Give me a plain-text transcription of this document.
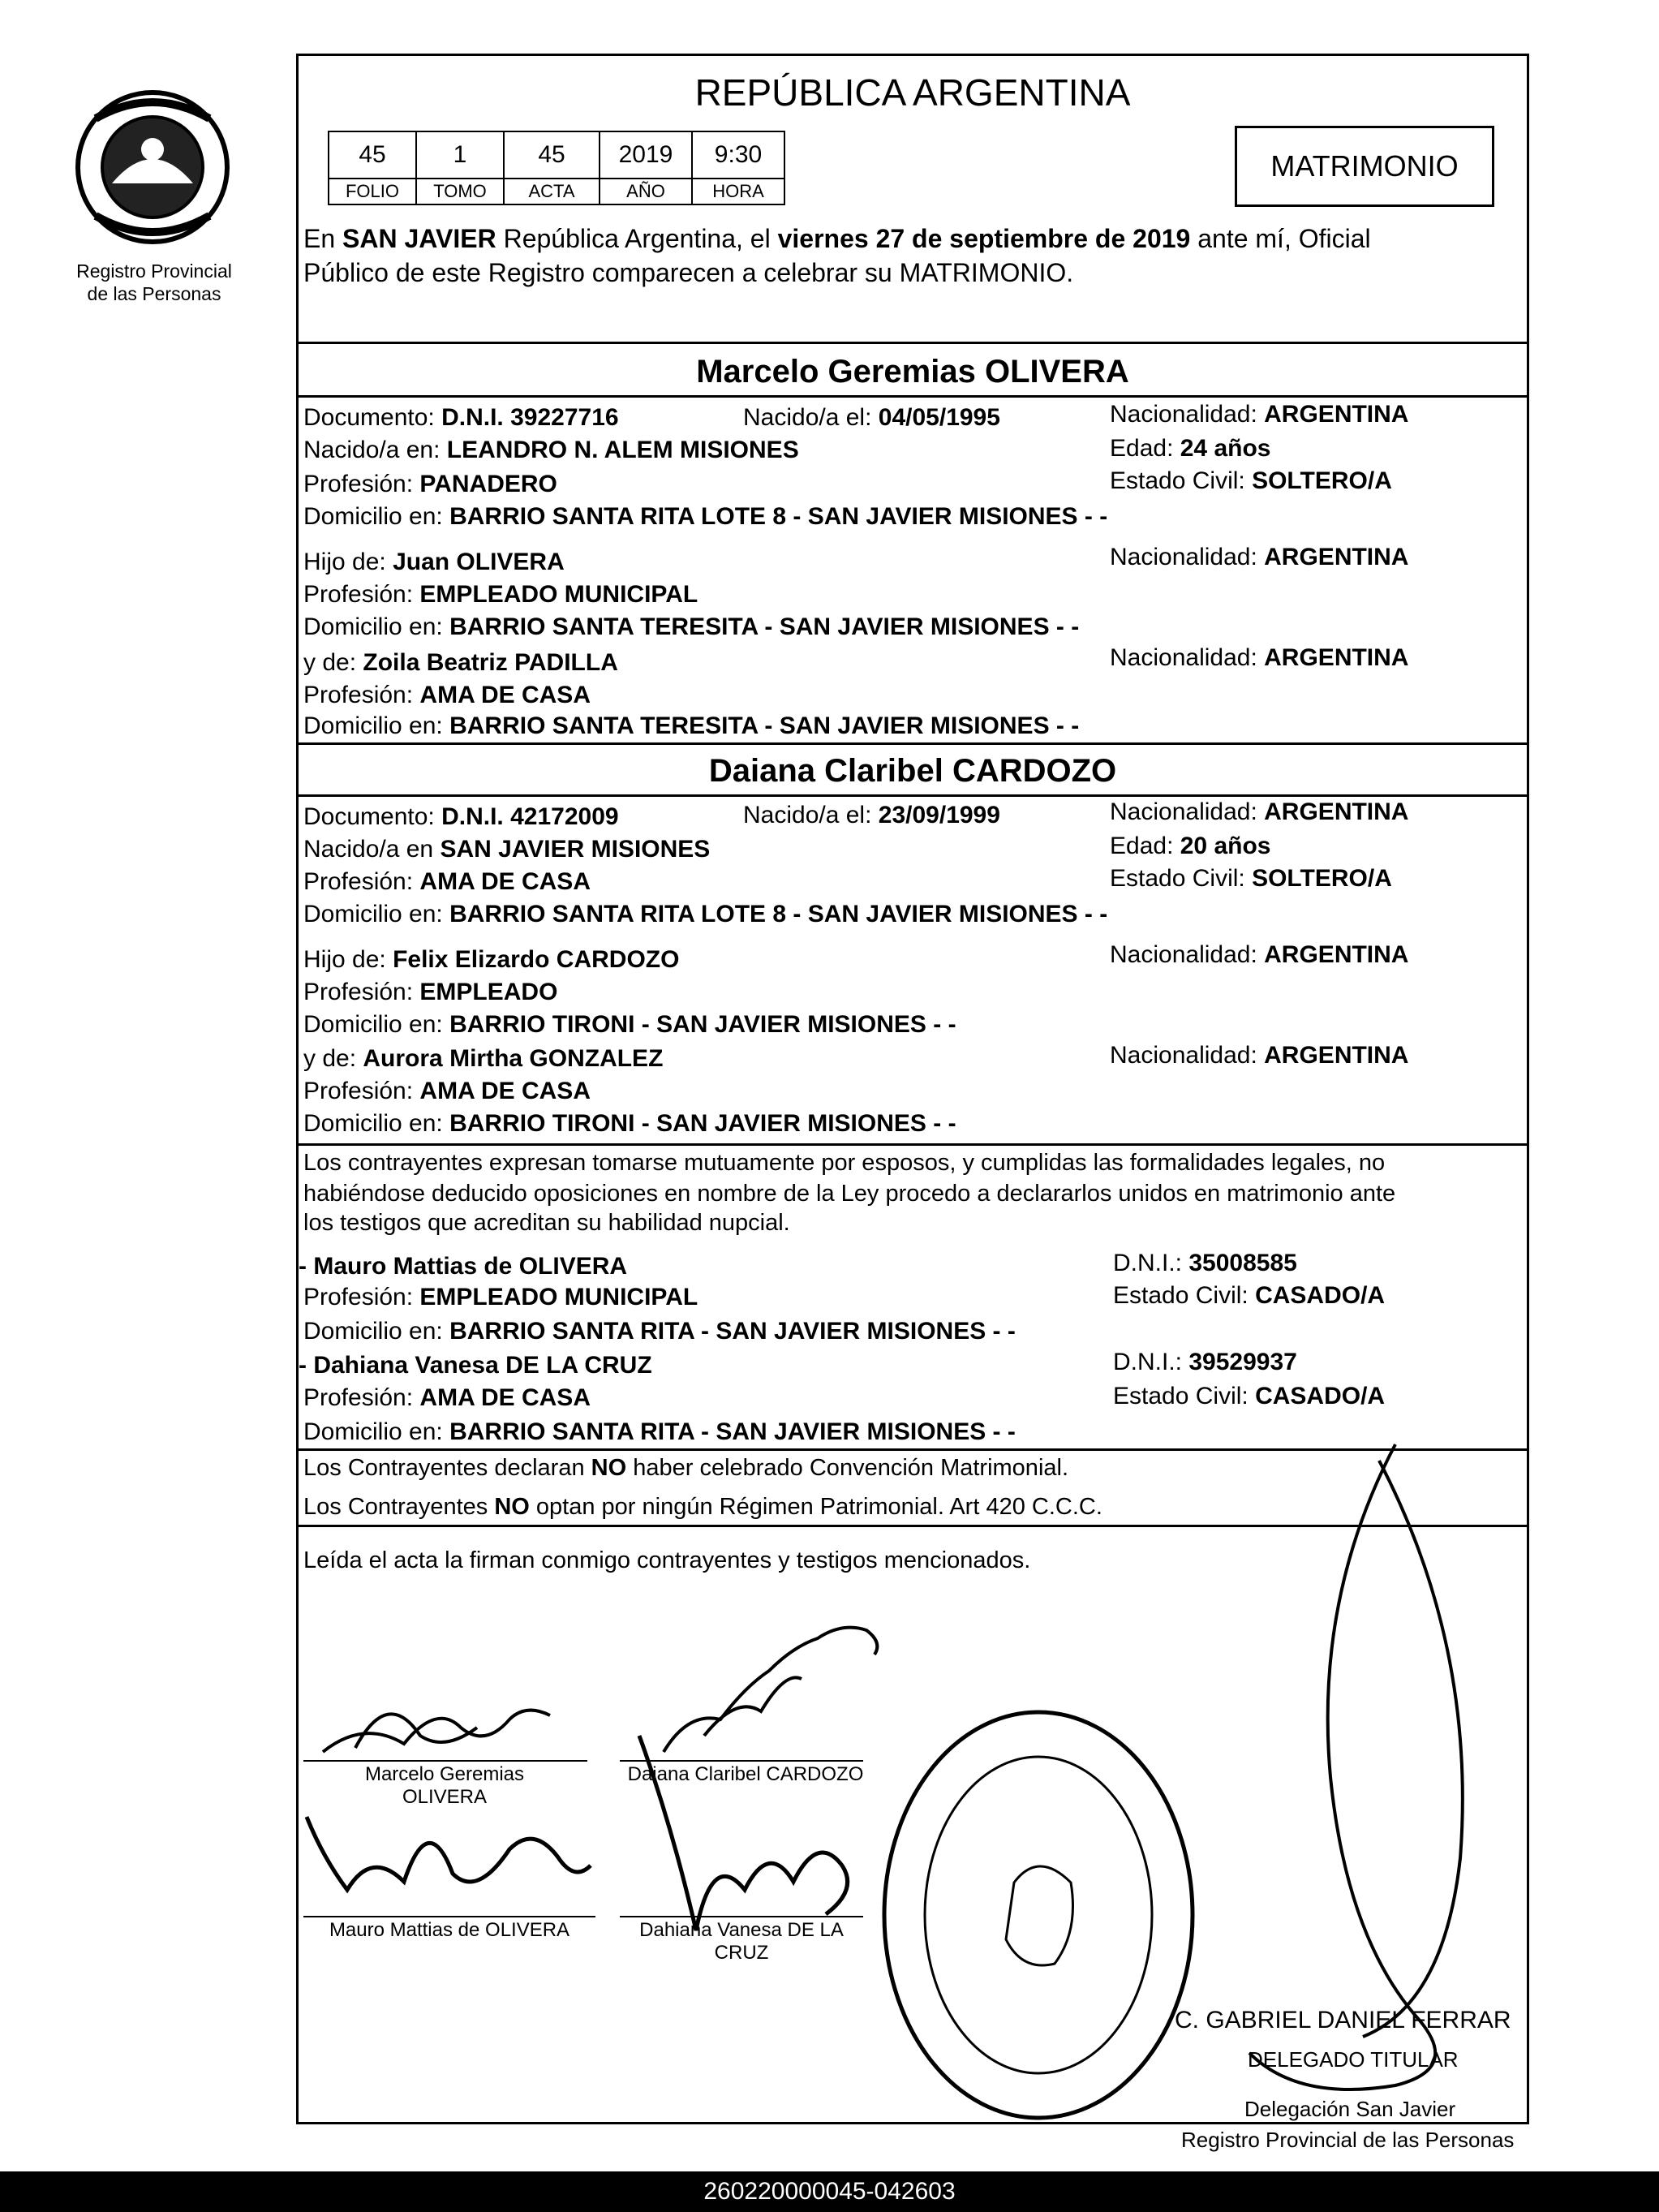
Registro Provincial
de las Personas
REPÚBLICA ARGENTINA
45	1	45	2019	9:30
FOLIO	TOMO	ACTA	AÑO	HORA
MATRIMONIO
En SAN JAVIER República Argentina, el viernes 27 de septiembre de 2019 ante mí, Oficial
Público de este Registro comparecen a celebrar su MATRIMONIO.
Marcelo Geremias OLIVERA
Documento: D.N.I. 39227716	Nacido/a el: 04/05/1995	Nacionalidad: ARGENTINA
Nacido/a en: LEANDRO N. ALEM MISIONES	Edad: 24 años
Profesión: PANADERO	Estado Civil: SOLTERO/A
Domicilio en: BARRIO SANTA RITA LOTE 8 - SAN JAVIER MISIONES - -
Hijo de: Juan OLIVERA	Nacionalidad: ARGENTINA
Profesión: EMPLEADO MUNICIPAL
Domicilio en: BARRIO SANTA TERESITA - SAN JAVIER MISIONES - -
y de: Zoila Beatriz PADILLA	Nacionalidad: ARGENTINA
Profesión: AMA DE CASA
Domicilio en: BARRIO SANTA TERESITA - SAN JAVIER MISIONES - -
Daiana Claribel CARDOZO
Documento: D.N.I. 42172009	Nacido/a el: 23/09/1999	Nacionalidad: ARGENTINA
Nacido/a en SAN JAVIER MISIONES	Edad: 20 años
Profesión: AMA DE CASA	Estado Civil: SOLTERO/A
Domicilio en: BARRIO SANTA RITA LOTE 8 - SAN JAVIER MISIONES - -
Hijo de: Felix Elizardo CARDOZO	Nacionalidad: ARGENTINA
Profesión: EMPLEADO
Domicilio en: BARRIO TIRONI - SAN JAVIER MISIONES - -
y de: Aurora Mirtha GONZALEZ	Nacionalidad: ARGENTINA
Profesión: AMA DE CASA
Domicilio en: BARRIO TIRONI - SAN JAVIER MISIONES - -
Los contrayentes expresan tomarse mutuamente por esposos, y cumplidas las formalidades legales, no
habiéndose deducido oposiciones en nombre de la Ley procedo a declararlos unidos en matrimonio ante
los testigos que acreditan su habilidad nupcial.
- Mauro Mattias de OLIVERA	D.N.I.: 35008585
Profesión: EMPLEADO MUNICIPAL	Estado Civil: CASADO/A
Domicilio en: BARRIO SANTA RITA - SAN JAVIER MISIONES - -
- Dahiana Vanesa DE LA CRUZ	D.N.I.: 39529937
Profesión: AMA DE CASA	Estado Civil: CASADO/A
Domicilio en: BARRIO SANTA RITA - SAN JAVIER MISIONES - -
Los Contrayentes declaran NO haber celebrado Convención Matrimonial.
Los Contrayentes NO optan por ningún Régimen Patrimonial. Art 420 C.C.C.
Leída el acta la firman conmigo contrayentes y testigos mencionados.
Marcelo Geremias
OLIVERA
Daiana Claribel CARDOZO
Mauro Mattias de OLIVERA	Dahiana Vanesa DE LA
CRUZ
C. GABRIEL DANIEL FERRAR
DELEGADO TITULAR
Delegación San Javier
Registro Provincial de las Personas
260220000045-042603
